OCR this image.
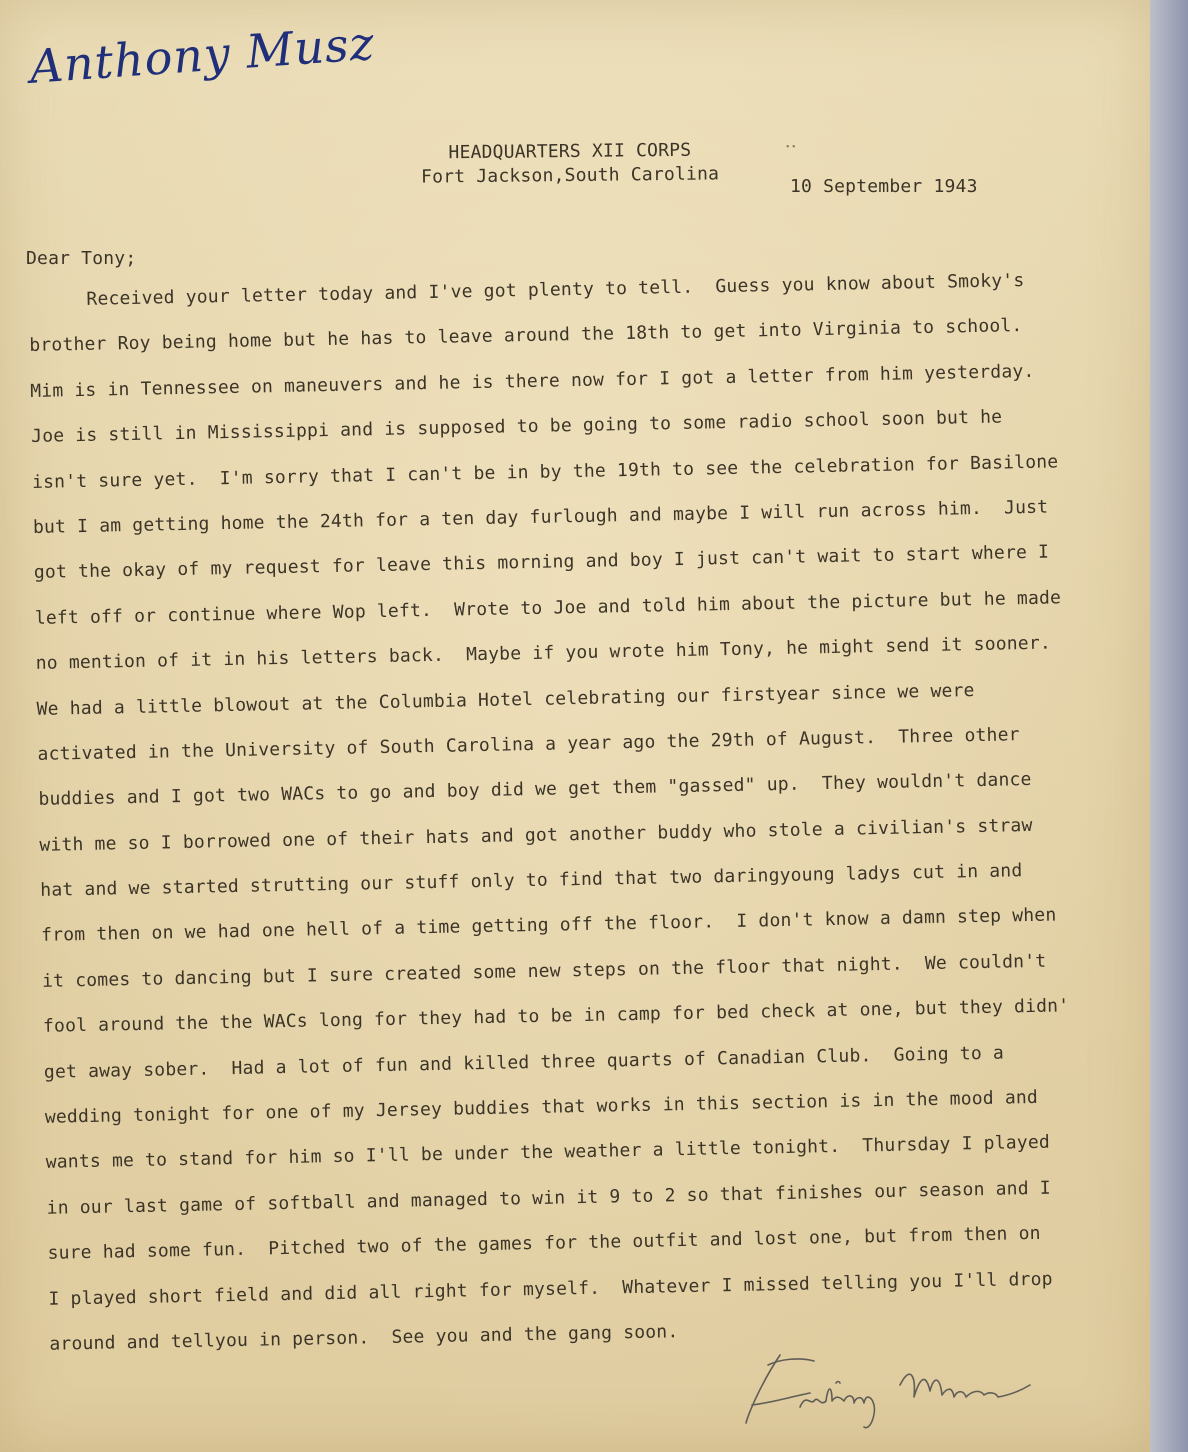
Anthony Musz
• •
HEADQUARTERS XII CORPS
Fort Jackson,South Carolina	10 September 1943
Dear Tony;
Received your letter today and I've got plenty to tell.  Guess you know about Smoky's
brother Roy being home but he has to leave around the 18th to get into Virginia to school.
Mim is in Tennessee on maneuvers and he is there now for I got a letter from him yesterday.
Joe is still in Mississippi and is supposed to be going to some radio school soon but he
isn't sure yet.  I'm sorry that I can't be in by the 19th to see the celebration for Basilone
but I am getting home the 24th for a ten day furlough and maybe I will run across him.  Just
got the okay of my request for leave this morning and boy I just can't wait to start where I
left off or continue where Wop left.  Wrote to Joe and told him about the picture but he made
no mention of it in his letters back.  Maybe if you wrote him Tony, he might send it sooner.
We had a little blowout at the Columbia Hotel celebrating our firstyear since we were
activated in the University of South Carolina a year ago the 29th of August.  Three other
buddies and I got two WACs to go and boy did we get them "gassed" up.  They wouldn't dance
with me so I borrowed one of their hats and got another buddy who stole a civilian's straw
hat and we started strutting our stuff only to find that two daringyoung ladys cut in and
from then on we had one hell of a time getting off the floor.  I don't know a damn step when
it comes to dancing but I sure created some new steps on the floor that night.  We couldn't
fool around the the WACs long for they had to be in camp for bed check at one, but they didn'
get away sober.  Had a lot of fun and killed three quarts of Canadian Club.  Going to a
wedding tonight for one of my Jersey buddies that works in this section is in the mood and
wants me to stand for him so I'll be under the weather a little tonight.  Thursday I played
in our last game of softball and managed to win it 9 to 2 so that finishes our season and I
sure had some fun.  Pitched two of the games for the outfit and lost one, but from then on
I played short field and did all right for myself.  Whatever I missed telling you I'll drop
around and tellyou in person.  See you and the gang soon.
